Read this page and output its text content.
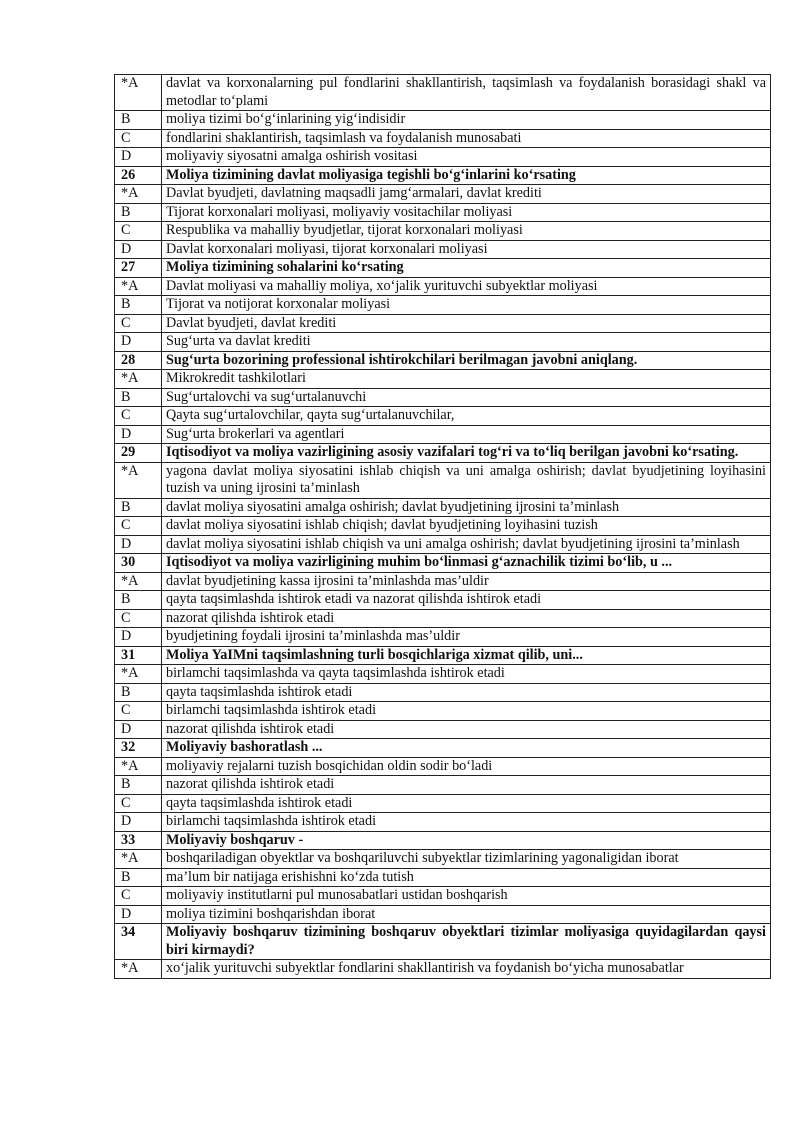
*A	davlat va korxonalarning pul fondlarini shakllantirish, taqsimlash va foydalanish borasidagi shakl va metodlar to‘plami
B	moliya tizimi bo‘g‘inlarining yig‘indisidir
C	fondlarini shaklantirish, taqsimlash va foydalanish munosabati
D	moliyaviy siyosatni amalga oshirish vositasi
26	Moliya tizimining davlat moliyasiga tegishli bo‘g‘inlarini ko‘rsating
*A	Davlat byudjeti, davlatning maqsadli jamg‘armalari, davlat krediti
B	Tijorat korxonalari moliyasi, moliyaviy vositachilar moliyasi
C	Respublika va mahalliy byudjetlar, tijorat korxonalari moliyasi
D	Davlat korxonalari moliyasi, tijorat korxonalari moliyasi
27	Moliya tizimining sohalarini ko‘rsating
*A	Davlat moliyasi va mahalliy moliya, xo‘jalik yurituvchi subyektlar moliyasi
B	Tijorat va notijorat korxonalar moliyasi
C	Davlat byudjeti, davlat krediti
D	Sug‘urta va davlat krediti
28	Sug‘urta bozorining professional ishtirokchilari berilmagan javobni aniqlang.
*A	Mikrokredit tashkilotlari
B	Sug‘urtalovchi va sug‘urtalanuvchi
C	Qayta sug‘urtalovchilar, qayta sug‘urtalanuvchilar,
D	Sug‘urta brokerlari va agentlari
29	Iqtisodiyot va moliya vazirligining asosiy vazifalari tog‘ri va to‘liq berilgan javobni ko‘rsating.
*A	yagona davlat moliya siyosatini ishlab chiqish va uni amalga oshirish; davlat byudjetining loyihasini tuzish va uning ijrosini ta’minlash
B	davlat moliya siyosatini amalga oshirish; davlat byudjetining ijrosini ta’minlash
C	davlat moliya siyosatini ishlab chiqish; davlat byudjetining loyihasini tuzish
D	davlat moliya siyosatini ishlab chiqish va uni amalga oshirish; davlat byudjetining ijrosini ta’minlash
30	Iqtisodiyot va moliya vazirligining muhim bo‘linmasi g‘aznachilik tizimi bo‘lib, u ...
*A	davlat byudjetining kassa ijrosini ta’minlashda mas’uldir
B	qayta taqsimlashda ishtirok etadi va nazorat qilishda ishtirok etadi
C	nazorat qilishda ishtirok etadi
D	byudjetining foydali ijrosini ta’minlashda mas’uldir
31	Moliya YaIMni taqsimlashning turli bosqichlariga xizmat qilib, uni...
*A	birlamchi taqsimlashda va qayta taqsimlashda ishtirok etadi
B	qayta taqsimlashda ishtirok etadi
C	birlamchi taqsimlashda ishtirok etadi
D	nazorat qilishda ishtirok etadi
32	Moliyaviy bashoratlash ...
*A	moliyaviy rejalarni tuzish bosqichidan oldin sodir bo‘ladi
B	nazorat qilishda ishtirok etadi
C	qayta taqsimlashda ishtirok etadi
D	birlamchi taqsimlashda ishtirok etadi
33	Moliyaviy boshqaruv -
*A	boshqariladigan obyektlar va boshqariluvchi subyektlar tizimlarining yagonaligidan iborat
B	ma’lum bir natijaga erishishni ko‘zda tutish
C	moliyaviy institutlarni pul munosabatlari ustidan boshqarish
D	moliya tizimini boshqarishdan iborat
34	Moliyaviy boshqaruv tizimining boshqaruv obyektlari tizimlar moliyasiga quyidagilardan qaysi biri kirmaydi?
*A	xo‘jalik yurituvchi subyektlar fondlarini shakllantirish va foydanish bo‘yicha munosabatlar
